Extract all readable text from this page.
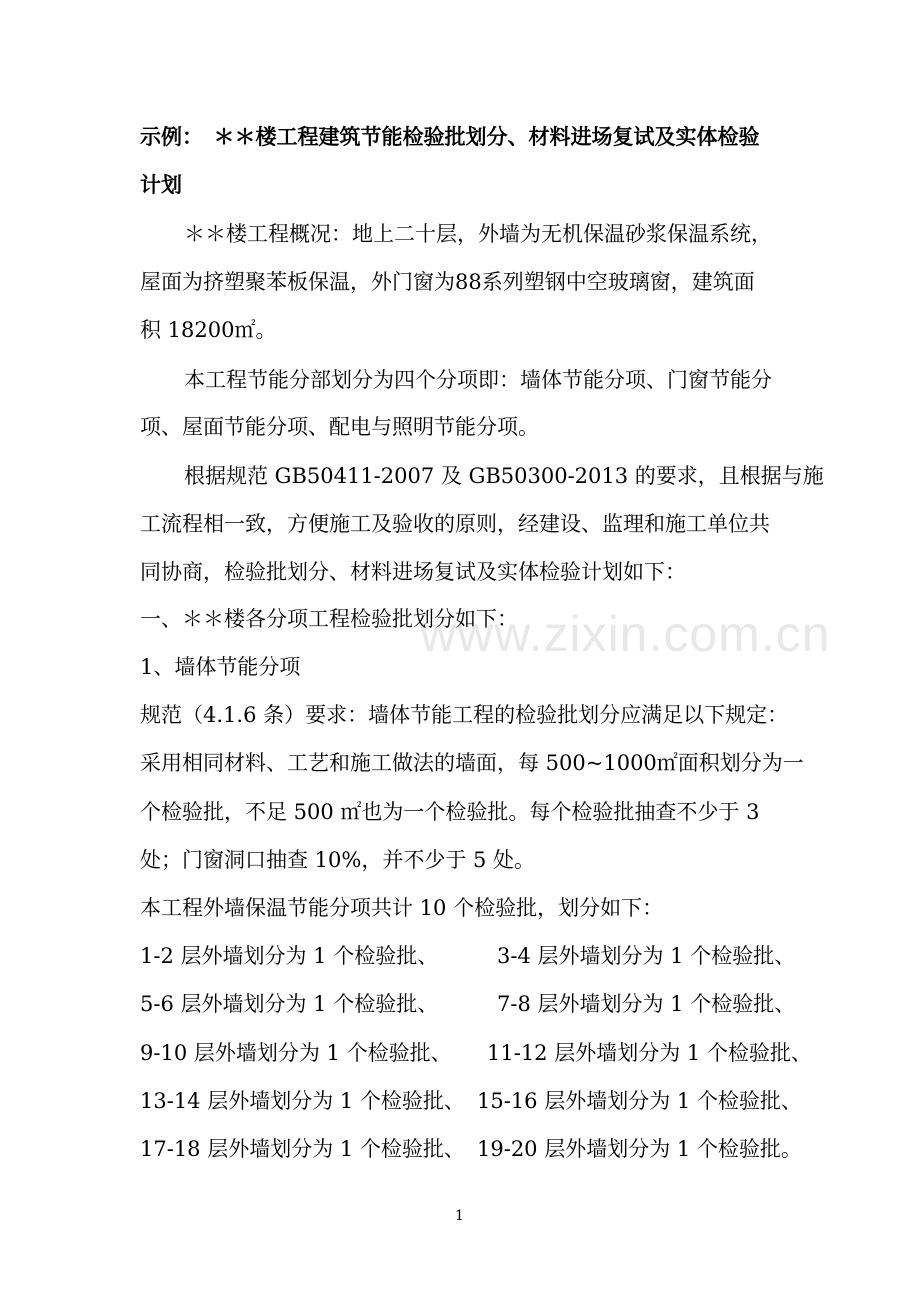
示例：　＊＊楼工程建筑节能检验批划分、材料进场复试及实体检验
计划
＊＊楼工程概况：地上二十层，外墙为无机保温砂浆保温系统，
屋面为挤塑聚苯板保温，外门窗为88系列塑钢中空玻璃窗，建筑面
积 18200㎡。
本工程节能分部划分为四个分项即：墙体节能分项、门窗节能分
项、屋面节能分项、配电与照明节能分项。
根据规范 GB50411-2007 及 GB50300-2013 的要求，且根据与施
工流程相一致，方便施工及验收的原则，经建设、监理和施工单位共
同协商，检验批划分、材料进场复试及实体检验计划如下：
一、＊＊楼各分项工程检验批划分如下：
1、墙体节能分项
规范（4.1.6 条）要求：墙体节能工程的检验批划分应满足以下规定：
采用相同材料、工艺和施工做法的墙面，每 500~1000㎡面积划分为一
个检验批，不足 500 ㎡也为一个检验批。每个检验批抽查不少于 3
处；门窗洞口抽查 10%，并不少于 5 处。
本工程外墙保温节能分项共计 10 个检验批，划分如下：
1-2 层外墙划分为 1 个检验批、	3-4 层外墙划分为 1 个检验批、
5-6 层外墙划分为 1 个检验批、	7-8 层外墙划分为 1 个检验批、
9-10 层外墙划分为 1 个检验批、 11-12 层外墙划分为 1 个检验批、
13-14 层外墙划分为 1 个检验批、 15-16 层外墙划分为 1 个检验批、
17-18 层外墙划分为 1 个检验批、 19-20 层外墙划分为 1 个检验批。
www.zixin.com.cn
1
